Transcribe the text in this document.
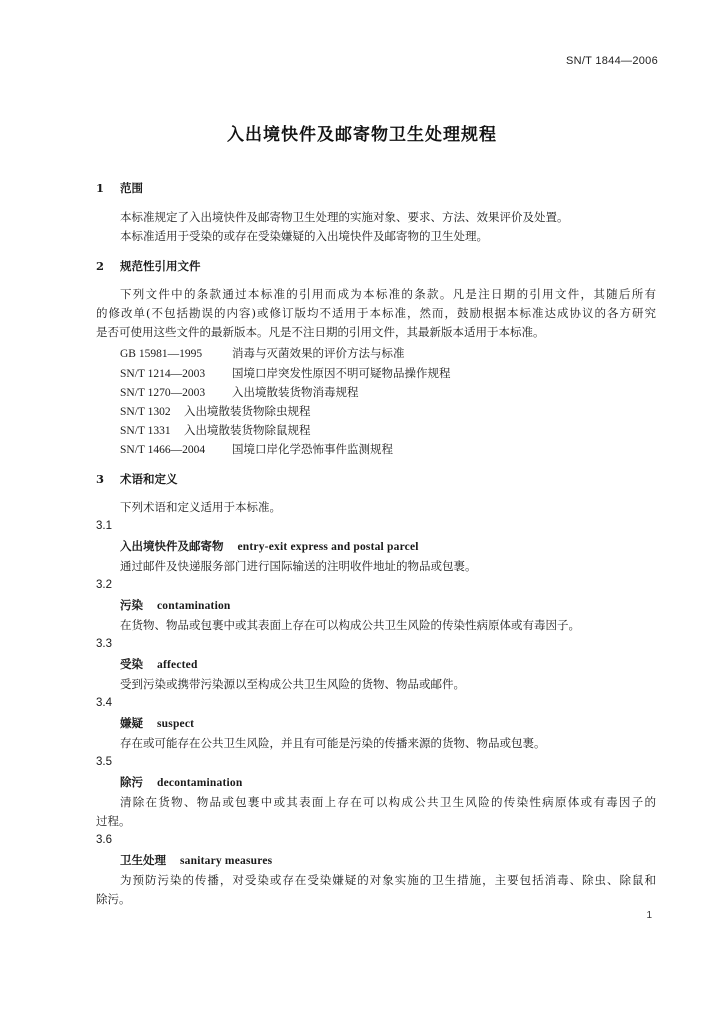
SN/T 1844—2006
入出境快件及邮寄物卫生处理规程
1 范围
本标准规定了入出境快件及邮寄物卫生处理的实施对象、要求、方法、效果评价及处置。
本标准适用于受染的或存在受染嫌疑的入出境快件及邮寄物的卫生处理。
2 规范性引用文件
下列文件中的条款通过本标准的引用而成为本标准的条款。凡是注日期的引用文件，其随后所有
的修改单(不包括勘误的内容)或修订版均不适用于本标准，然而，鼓励根据本标准达成协议的各方研究
是否可使用这些文件的最新版本。凡是不注日期的引用文件，其最新版本适用于本标准。
GB 15981—1995	消毒与灭菌效果的评价方法与标准
SN/T 1214—2003 国境口岸突发性原因不明可疑物品操作规程
SN/T 1270—2003 入出境散装货物消毒规程
SN/T 1302 入出境散装货物除虫规程
SN/T 1331 入出境散装货物除鼠规程
SN/T 1466—2004 国境口岸化学恐怖事件监测规程
3 术语和定义
下列术语和定义适用于本标准。
3.1
入出境快件及邮寄物 entry-exit express and postal parcel
通过邮件及快递服务部门进行国际输送的注明收件地址的物品或包裹。
3.2
污染 contamination
在货物、物品或包裹中或其表面上存在可以构成公共卫生风险的传染性病原体或有毒因子。
3.3
受染 affected
受到污染或携带污染源以至构成公共卫生风险的货物、物品或邮件。
3.4
嫌疑 suspect
存在或可能存在公共卫生风险，并且有可能是污染的传播来源的货物、物品或包裹。
3.5
除污 decontamination
清除在货物、物品或包裹中或其表面上存在可以构成公共卫生风险的传染性病原体或有毒因子的
过程。
3.6
卫生处理 sanitary measures
为预防污染的传播，对受染或存在受染嫌疑的对象实施的卫生措施，主要包括消毒、除虫、除鼠和
除污。
1
